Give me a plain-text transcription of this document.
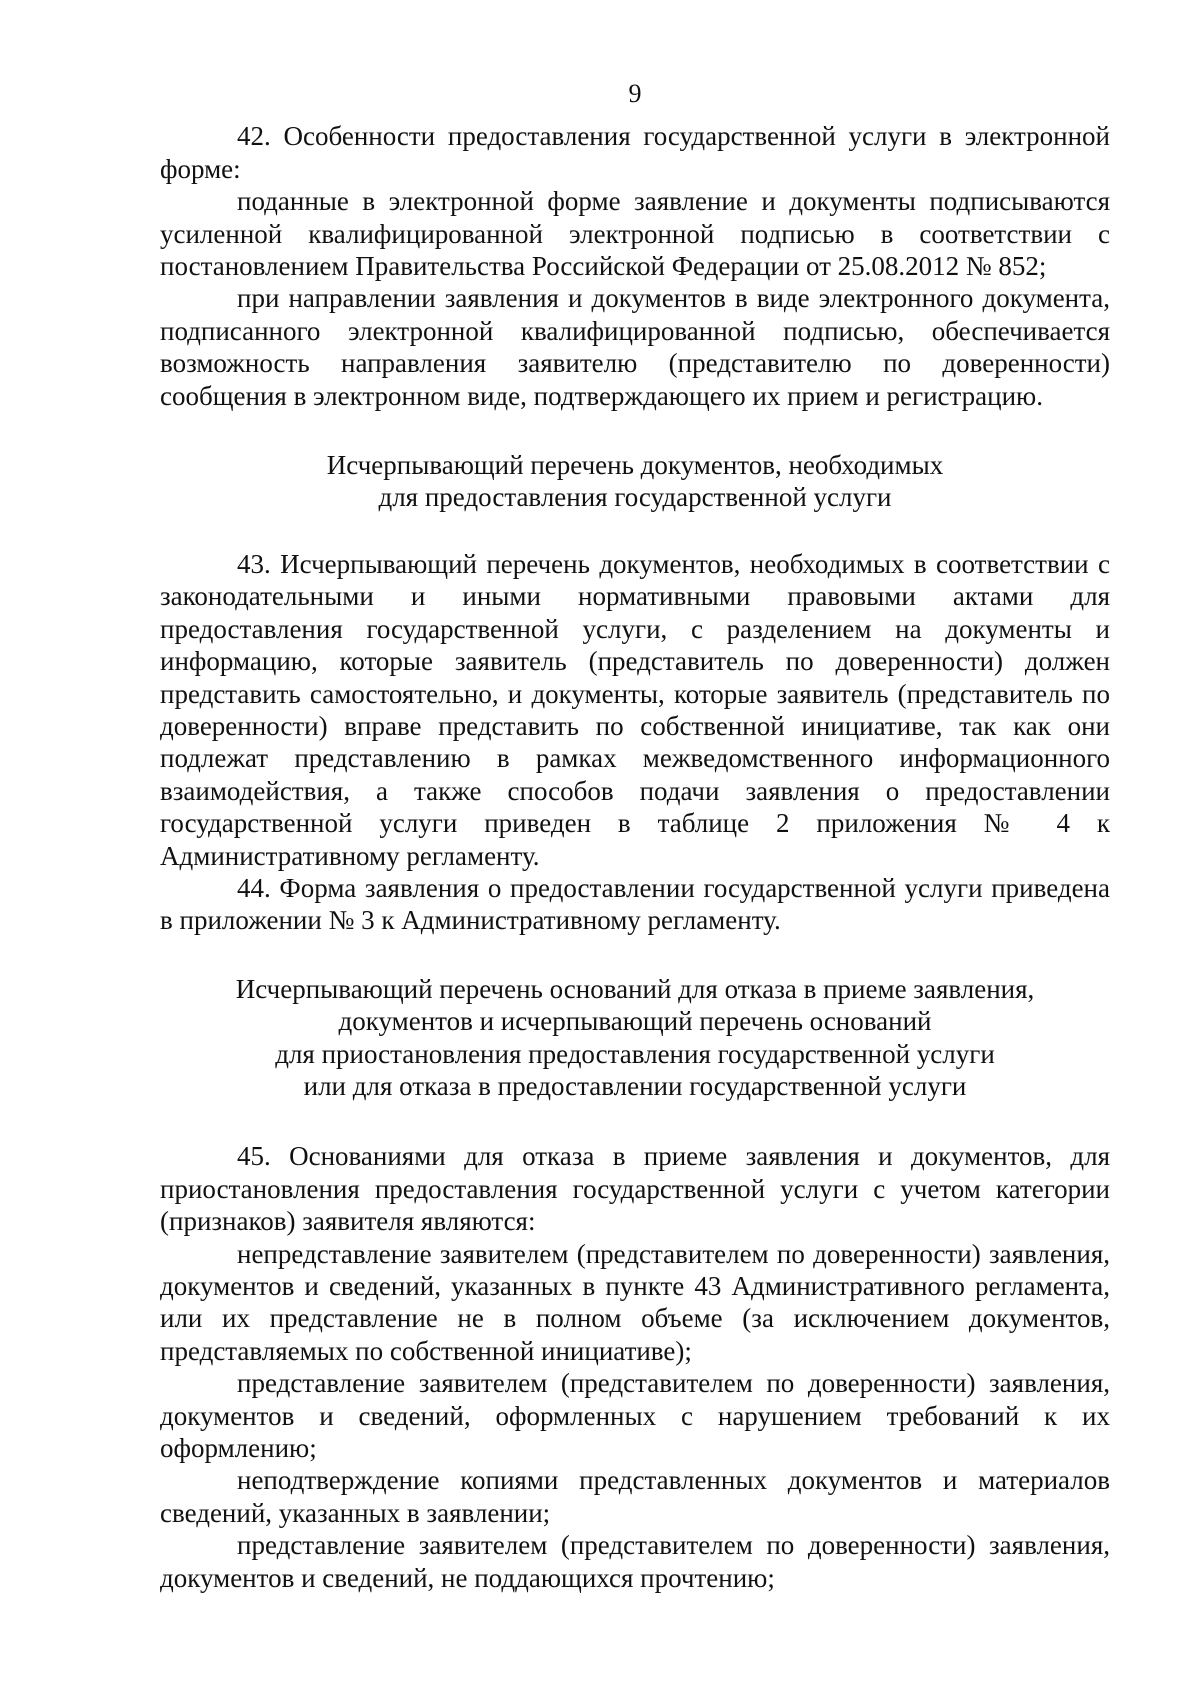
9

42. Особенности предоставления государственной услуги в электронной форме:

поданные в электронной форме заявление и документы подписываются усиленной квалифицированной электронной подписью в соответствии с постановлением Правительства Российской Федерации от 25.08.2012 № 852;

при направлении заявления и документов в виде электронного документа, подписанного электронной квалифицированной подписью, обеспечивается возможность направления заявителю (представителю по доверенности) сообщения в электронном виде, подтверждающего их прием и регистрацию.

Исчерпывающий перечень документов, необходимых
для предоставления государственной услуги

43. Исчерпывающий перечень документов, необходимых в соответствии с законодательными и иными нормативными правовыми актами для предоставления государственной услуги, с разделением на документы и информацию, которые заявитель (представитель по доверенности) должен представить самостоятельно, и документы, которые заявитель (представитель по доверенности) вправе представить по собственной инициативе, так как они подлежат представлению в рамках межведомственного информационного взаимодействия, а также способов подачи заявления о предоставлении государственной услуги приведен в таблице 2 приложения № 4 к Административному регламенту.

44. Форма заявления о предоставлении государственной услуги приведена в приложении № 3 к Административному регламенту.

Исчерпывающий перечень оснований для отказа в приеме заявления,
документов и исчерпывающий перечень оснований
для приостановления предоставления государственной услуги
или для отказа в предоставлении государственной услуги

45. Основаниями для отказа в приеме заявления и документов, для приостановления предоставления государственной услуги с учетом категории (признаков) заявителя являются:

непредставление заявителем (представителем по доверенности) заявления, документов и сведений, указанных в пункте 43 Административного регламента, или их представление не в полном объеме (за исключением документов, представляемых по собственной инициативе);

представление заявителем (представителем по доверенности) заявления, документов и сведений, оформленных с нарушением требований к их оформлению;

неподтверждение копиями представленных документов и материалов сведений, указанных в заявлении;

представление заявителем (представителем по доверенности) заявления, документов и сведений, не поддающихся прочтению;
